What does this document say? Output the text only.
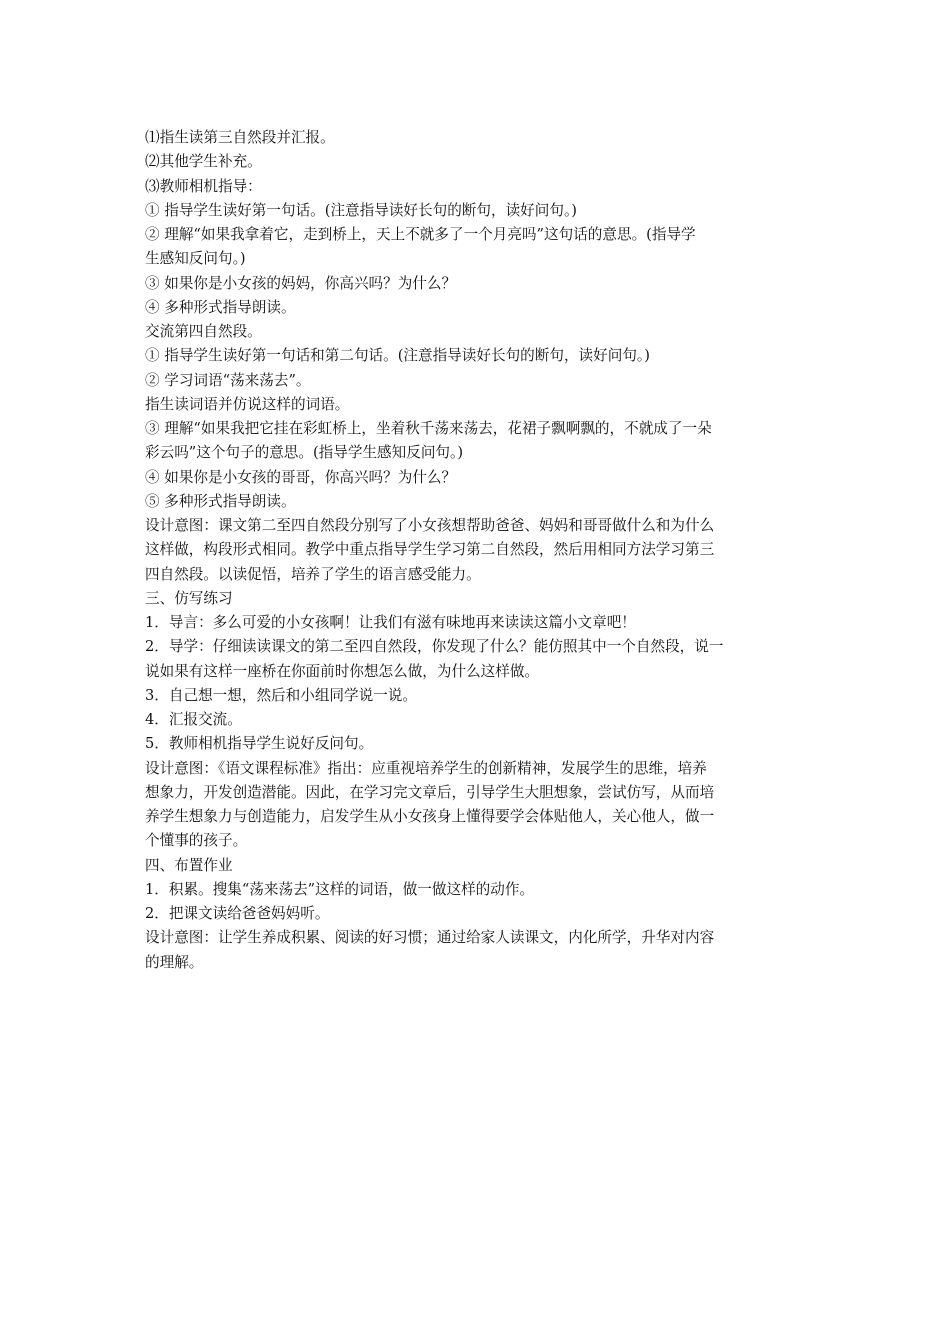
⑴指生读第三自然段并汇报。
⑵其他学生补充。
⑶教师相机指导：
① 指导学生读好第一句话。(注意指导读好长句的断句，读好问句。)
② 理解“如果我拿着它，走到桥上，天上不就多了一个月亮吗”这句话的意思。(指导学
生感知反问句。)
③ 如果你是小女孩的妈妈，你高兴吗？为什么？
④ 多种形式指导朗读。
交流第四自然段。
① 指导学生读好第一句话和第二句话。(注意指导读好长句的断句，读好问句。)
② 学习词语“荡来荡去”。
指生读词语并仿说这样的词语。
③ 理解“如果我把它挂在彩虹桥上，坐着秋千荡来荡去，花裙子飘啊飘的，不就成了一朵
彩云吗”这个句子的意思。(指导学生感知反问句。)
④ 如果你是小女孩的哥哥，你高兴吗？为什么？
⑤ 多种形式指导朗读。
设计意图：课文第二至四自然段分别写了小女孩想帮助爸爸、妈妈和哥哥做什么和为什么
这样做，构段形式相同。教学中重点指导学生学习第二自然段，然后用相同方法学习第三
四自然段。以读促悟，培养了学生的语言感受能力。
三、仿写练习
1．导言：多么可爱的小女孩啊！让我们有滋有味地再来读读这篇小文章吧！
2．导学：仔细读读课文的第二至四自然段，你发现了什么？能仿照其中一个自然段，说一
说如果有这样一座桥在你面前时你想怎么做，为什么这样做。
3．自己想一想，然后和小组同学说一说。
4．汇报交流。
5．教师相机指导学生说好反问句。
设计意图：《语文课程标准》指出：应重视培养学生的创新精神，发展学生的思维，培养
想象力，开发创造潜能。因此，在学习完文章后，引导学生大胆想象，尝试仿写，从而培
养学生想象力与创造能力，启发学生从小女孩身上懂得要学会体贴他人，关心他人，做一
个懂事的孩子。
四、布置作业
1．积累。搜集“荡来荡去”这样的词语，做一做这样的动作。
2．把课文读给爸爸妈妈听。
设计意图：让学生养成积累、阅读的好习惯；通过给家人读课文，内化所学，升华对内容
的理解。
